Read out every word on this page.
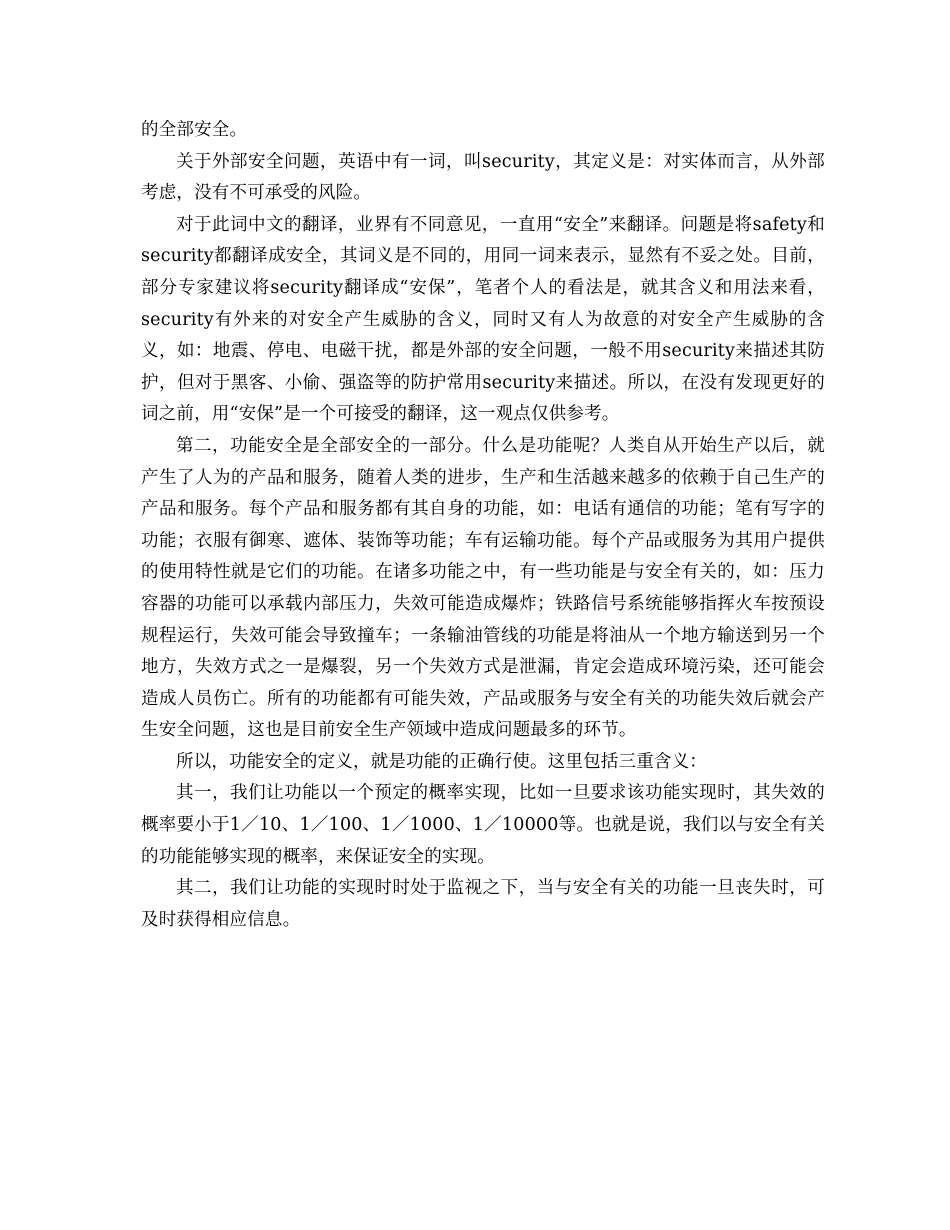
的全部安全。

关于外部安全问题，英语中有一词，叫security，其定义是：对实体而言，从外部考虑，没有不可承受的风险。

对于此词中文的翻译，业界有不同意见，一直用“安全”来翻译。问题是将safety和security都翻译成安全，其词义是不同的，用同一词来表示，显然有不妥之处。目前，部分专家建议将security翻译成“安保”，笔者个人的看法是，就其含义和用法来看，security有外来的对安全产生威胁的含义，同时又有人为故意的对安全产生威胁的含义，如：地震、停电、电磁干扰，都是外部的安全问题，一般不用security来描述其防护，但对于黑客、小偷、强盗等的防护常用security来描述。所以，在没有发现更好的词之前，用“安保”是一个可接受的翻译，这一观点仅供参考。

第二，功能安全是全部安全的一部分。什么是功能呢？人类自从开始生产以后，就产生了人为的产品和服务，随着人类的进步，生产和生活越来越多的依赖于自己生产的产品和服务。每个产品和服务都有其自身的功能，如：电话有通信的功能；笔有写字的功能；衣服有御寒、遮体、装饰等功能；车有运输功能。每个产品或服务为其用户提供的使用特性就是它们的功能。在诸多功能之中，有一些功能是与安全有关的，如：压力容器的功能可以承载内部压力，失效可能造成爆炸；铁路信号系统能够指挥火车按预设规程运行，失效可能会导致撞车；一条输油管线的功能是将油从一个地方输送到另一个地方，失效方式之一是爆裂，另一个失效方式是泄漏，肯定会造成环境污染，还可能会造成人员伤亡。所有的功能都有可能失效，产品或服务与安全有关的功能失效后就会产生安全问题，这也是目前安全生产领域中造成问题最多的环节。

所以，功能安全的定义，就是功能的正确行使。这里包括三重含义：

其一，我们让功能以一个预定的概率实现，比如一旦要求该功能实现时，其失效的概率要小于1／10、1／100、1／1000、1／10000等。也就是说，我们以与安全有关的功能能够实现的概率，来保证安全的实现。

其二，我们让功能的实现时时处于监视之下，当与安全有关的功能一旦丧失时，可及时获得相应信息。
